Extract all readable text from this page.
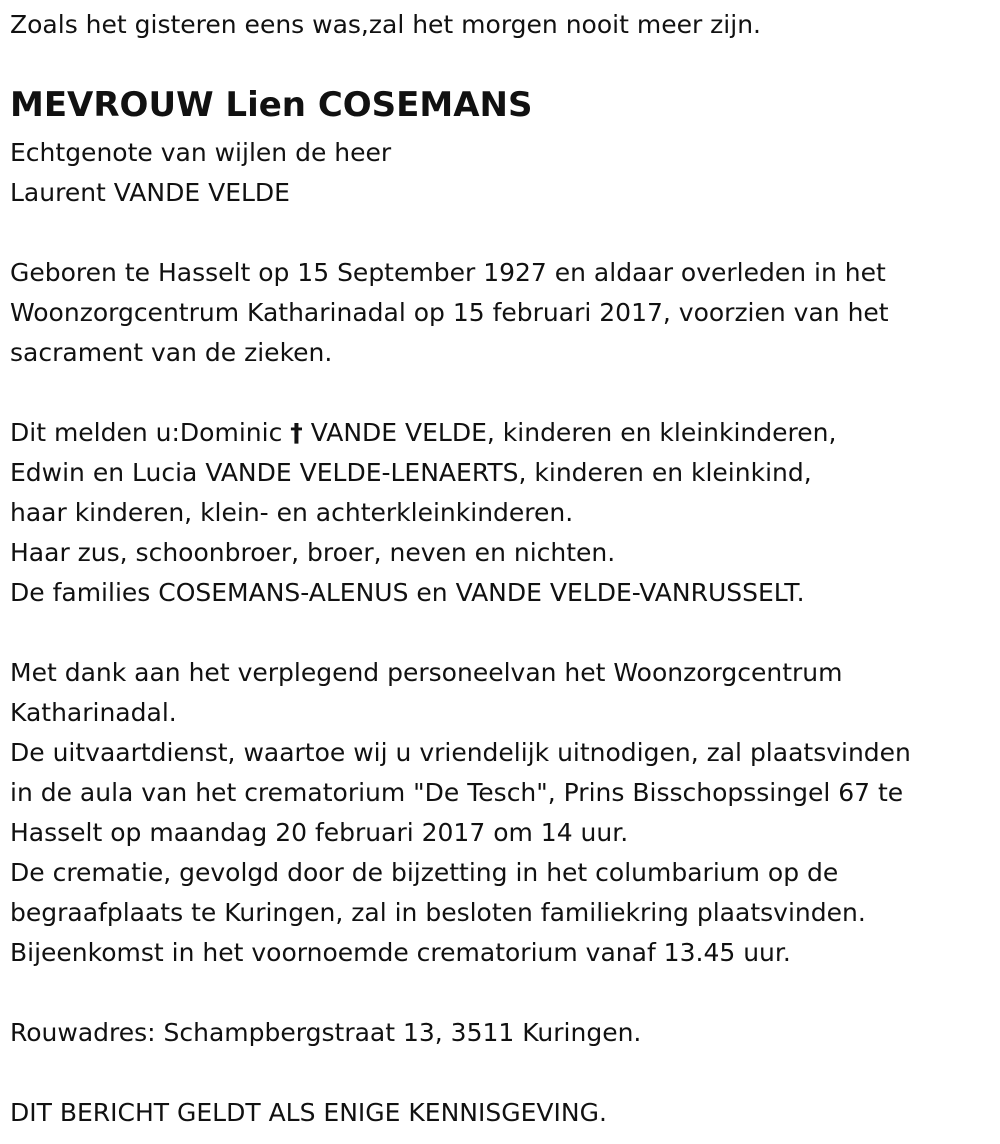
Zoals het gisteren eens was,zal het morgen nooit meer zijn.
MEVROUW Lien COSEMANS
Echtgenote van wijlen de heer
Laurent VANDE VELDE
Geboren te Hasselt op 15 September 1927 en aldaar overleden in het
Woonzorgcentrum Katharinadal op 15 februari 2017, voorzien van het
sacrament van de zieken.
Dit melden u:Dominic † VANDE VELDE, kinderen en kleinkinderen,
Edwin en Lucia VANDE VELDE-LENAERTS, kinderen en kleinkind,
haar kinderen, klein- en achterkleinkinderen.
Haar zus, schoonbroer, broer, neven en nichten.
De families COSEMANS-ALENUS en VANDE VELDE-VANRUSSELT.
Met dank aan het verplegend personeelvan het Woonzorgcentrum
Katharinadal.
De uitvaartdienst, waartoe wij u vriendelijk uitnodigen, zal plaatsvinden
in de aula van het crematorium "De Tesch", Prins Bisschopssingel 67 te
Hasselt op maandag 20 februari 2017 om 14 uur.
De crematie, gevolgd door de bijzetting in het columbarium op de
begraafplaats te Kuringen, zal in besloten familiekring plaatsvinden.
Bijeenkomst in het voornoemde crematorium vanaf 13.45 uur.
Rouwadres: Schampbergstraat 13, 3511 Kuringen.
DIT BERICHT GELDT ALS ENIGE KENNISGEVING.
